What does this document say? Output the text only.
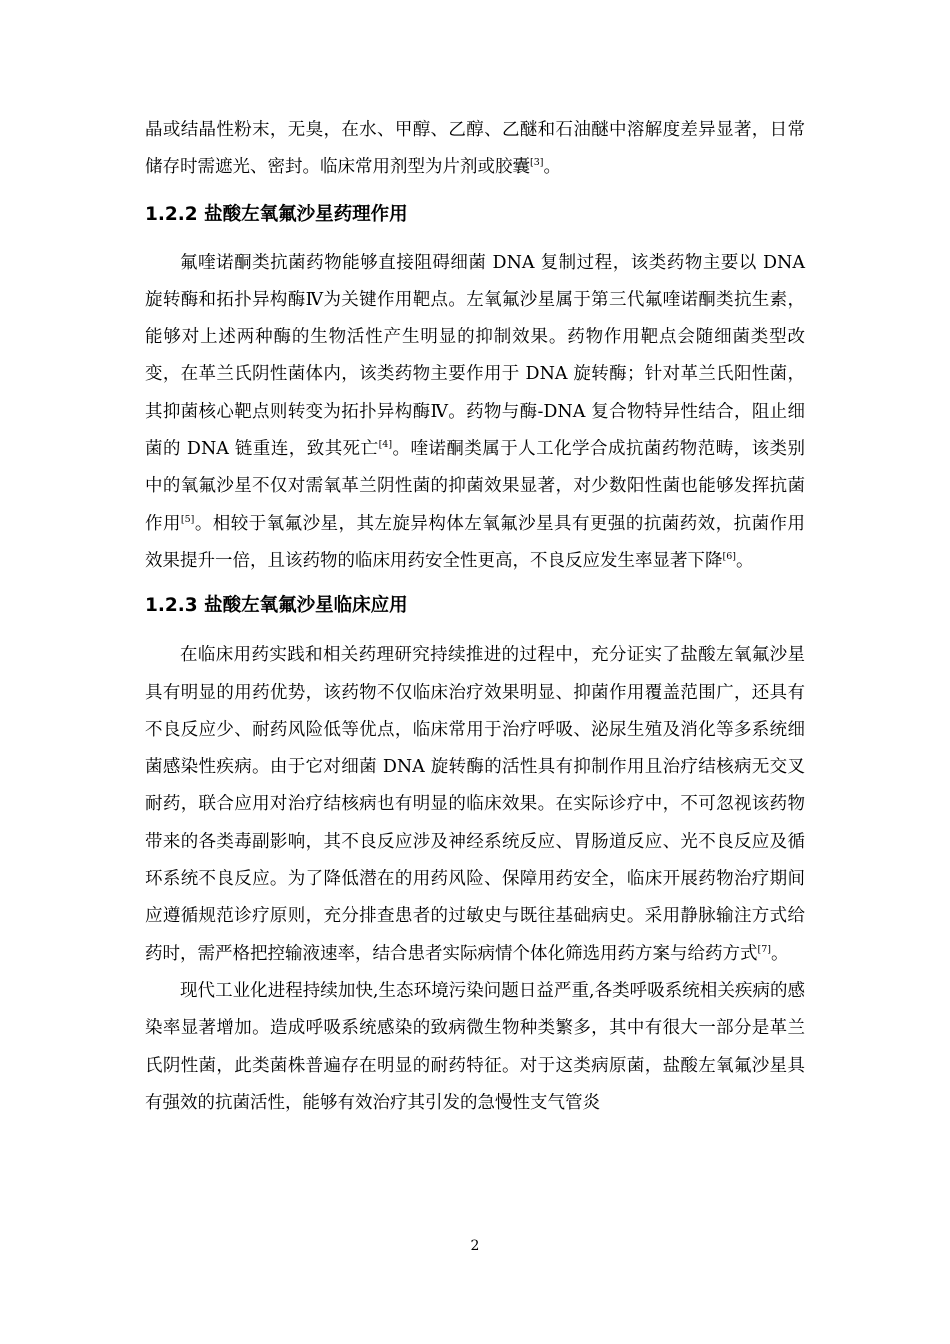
晶或结晶性粉末，无臭，在水、甲醇、乙醇、乙醚和石油醚中溶解度差异显著，日常储存时需遮光、密封。临床常用剂型为片剂或胶囊[3]。

1.2.2 盐酸左氧氟沙星药理作用

氟喹诺酮类抗菌药物能够直接阻碍细菌 DNA 复制过程，该类药物主要以 DNA 旋转酶和拓扑异构酶Ⅳ为关键作用靶点。左氧氟沙星属于第三代氟喹诺酮类抗生素，能够对上述两种酶的生物活性产生明显的抑制效果。药物作用靶点会随细菌类型改变，在革兰氏阴性菌体内，该类药物主要作用于 DNA 旋转酶；针对革兰氏阳性菌，其抑菌核心靶点则转变为拓扑异构酶Ⅳ。药物与酶-DNA 复合物特异性结合，阻止细菌的 DNA 链重连，致其死亡[4]。喹诺酮类属于人工化学合成抗菌药物范畴，该类别中的氧氟沙星不仅对需氧革兰阴性菌的抑菌效果显著，对少数阳性菌也能够发挥抗菌作用[5]。相较于氧氟沙星，其左旋异构体左氧氟沙星具有更强的抗菌药效，抗菌作用效果提升一倍，且该药物的临床用药安全性更高，不良反应发生率显著下降[6]。

1.2.3 盐酸左氧氟沙星临床应用

在临床用药实践和相关药理研究持续推进的过程中，充分证实了盐酸左氧氟沙星具有明显的用药优势，该药物不仅临床治疗效果明显、抑菌作用覆盖范围广，还具有不良反应少、耐药风险低等优点，临床常用于治疗呼吸、泌尿生殖及消化等多系统细菌感染性疾病。由于它对细菌 DNA 旋转酶的活性具有抑制作用且治疗结核病无交叉耐药，联合应用对治疗结核病也有明显的临床效果。在实际诊疗中，不可忽视该药物带来的各类毒副影响，其不良反应涉及神经系统反应、胃肠道反应、光不良反应及循环系统不良反应。为了降低潜在的用药风险、保障用药安全，临床开展药物治疗期间应遵循规范诊疗原则，充分排查患者的过敏史与既往基础病史。采用静脉输注方式给药时，需严格把控输液速率，结合患者实际病情个体化筛选用药方案与给药方式[7]。

现代工业化进程持续加快,生态环境污染问题日益严重,各类呼吸系统相关疾病的感染率显著增加。造成呼吸系统感染的致病微生物种类繁多，其中有很大一部分是革兰氏阴性菌，此类菌株普遍存在明显的耐药特征。对于这类病原菌，盐酸左氧氟沙星具有强效的抗菌活性，能够有效治疗其引发的急慢性支气管炎

2
